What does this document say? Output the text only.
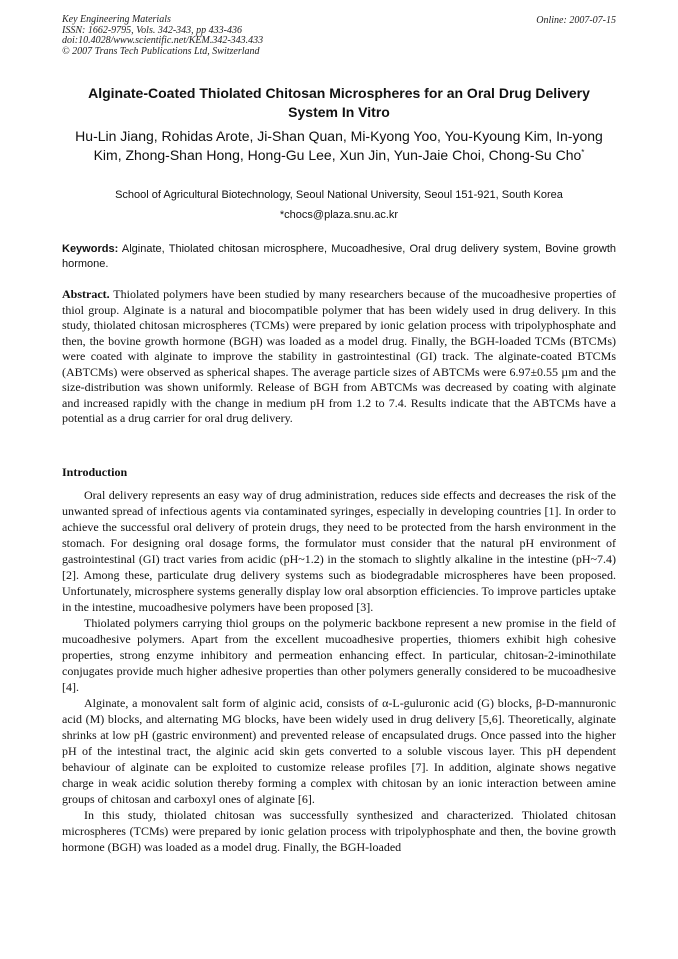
Key Engineering Materials
ISSN: 1662-9795, Vols. 342-343, pp 433-436
doi:10.4028/www.scientific.net/KEM.342-343.433
© 2007 Trans Tech Publications Ltd, Switzerland
Online: 2007-07-15
Alginate-Coated Thiolated Chitosan Microspheres for an Oral Drug Delivery System In Vitro
Hu-Lin Jiang, Rohidas Arote, Ji-Shan Quan, Mi-Kyong Yoo, You-Kyoung Kim, In-yong Kim, Zhong-Shan Hong, Hong-Gu Lee, Xun Jin, Yun-Jaie Choi, Chong-Su Cho*
School of Agricultural Biotechnology, Seoul National University, Seoul 151-921, South Korea
*chocs@plaza.snu.ac.kr
Keywords: Alginate, Thiolated chitosan microsphere, Mucoadhesive, Oral drug delivery system, Bovine growth hormone.
Abstract. Thiolated polymers have been studied by many researchers because of the mucoadhesive properties of thiol group. Alginate is a natural and biocompatible polymer that has been widely used in drug delivery. In this study, thiolated chitosan microspheres (TCMs) were prepared by ionic gelation process with tripolyphosphate and then, the bovine growth hormone (BGH) was loaded as a model drug. Finally, the BGH-loaded TCMs (BTCMs) were coated with alginate to improve the stability in gastrointestinal (GI) track. The alginate-coated BTCMs (ABTCMs) were observed as spherical shapes. The average particle sizes of ABTCMs were 6.97±0.55 µm and the size-distribution was shown uniformly. Release of BGH from ABTCMs was decreased by coating with alginate and increased rapidly with the change in medium pH from 1.2 to 7.4. Results indicate that the ABTCMs have a potential as a drug carrier for oral drug delivery.
Introduction

Oral delivery represents an easy way of drug administration, reduces side effects and decreases the risk of the unwanted spread of infectious agents via contaminated syringes, especially in developing countries [1]. In order to achieve the successful oral delivery of protein drugs, they need to be protected from the harsh environment in the stomach. For designing oral dosage forms, the formulator must consider that the natural pH environment of gastrointestinal (GI) tract varies from acidic (pH~1.2) in the stomach to slightly alkaline in the intestine (pH~7.4) [2]. Among these, particulate drug delivery systems such as biodegradable microspheres have been proposed. Unfortunately, microsphere systems generally display low oral absorption efficiencies. To improve particles uptake in the intestine, mucoadhesive polymers have been proposed [3].

Thiolated polymers carrying thiol groups on the polymeric backbone represent a new promise in the field of mucoadhesive polymers. Apart from the excellent mucoadhesive properties, thiomers exhibit high cohesive properties, strong enzyme inhibitory and permeation enhancing effect. In particular, chitosan-2-iminothilate conjugates provide much higher adhesive properties than other polymers generally considered to be mucoadhesive [4].

Alginate, a monovalent salt form of alginic acid, consists of α-L-guluronic acid (G) blocks, β-D-mannuronic acid (M) blocks, and alternating MG blocks, have been widely used in drug delivery [5,6]. Theoretically, alginate shrinks at low pH (gastric environment) and prevented release of encapsulated drugs. Once passed into the higher pH of the intestinal tract, the alginic acid skin gets converted to a soluble viscous layer. This pH dependent behaviour of alginate can be exploited to customize release profiles [7]. In addition, alginate shows negative charge in weak acidic solution thereby forming a complex with chitosan by an ionic interaction between amine groups of chitosan and carboxyl ones of alginate [6].

In this study, thiolated chitosan was successfully synthesized and characterized. Thiolated chitosan microspheres (TCMs) were prepared by ionic gelation process with tripolyphosphate and then, the bovine growth hormone (BGH) was loaded as a model drug. Finally, the BGH-loaded
